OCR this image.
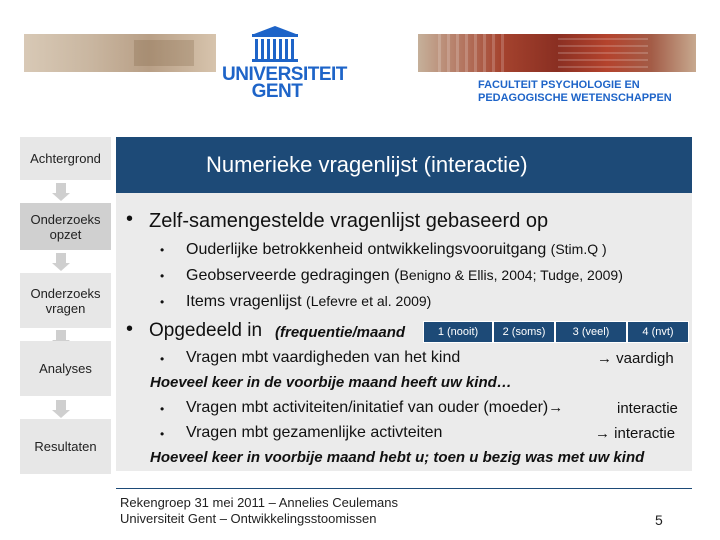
UNIVERSITEIT
GENT	FACULTEIT PSYCHOLOGIE EN
PEDAGOGISCHE WETENSCHAPPEN
Achtergrond
Onderzoeks opzet
Onderzoeks vragen
Analyses
Resultaten
Numerieke vragenlijst (interactie)
• Zelf-samengestelde vragenlijst gebaseerd op
• Ouderlijke betrokkenheid ontwikkelingsvooruitgang (Stim.Q )
• Geobserveerde gedragingen (Benigno & Ellis, 2004; Tudge, 2009)
• Items vragenlijst (Lefevre et al. 2009)
• Opgedeeld in (frequentie/maand	1 (nooit) 2 (soms) 3 (veel)	4 (nvt)
• Vragen mbt vaardigheden van het kind	→ vaardigh
Hoeveel keer in de voorbije maand heeft uw kind…
• Vragen mbt activiteiten/initatief van ouder (moeder)→	interactie
• Vragen mbt gezamenlijke activteiten	→ interactie
Hoeveel keer in voorbije maand hebt u; toen u bezig was met uw kind
Rekengroep 31 mei 2011 – Annelies Ceulemans
Universiteit Gent – Ontwikkelingsstoomissen	5
